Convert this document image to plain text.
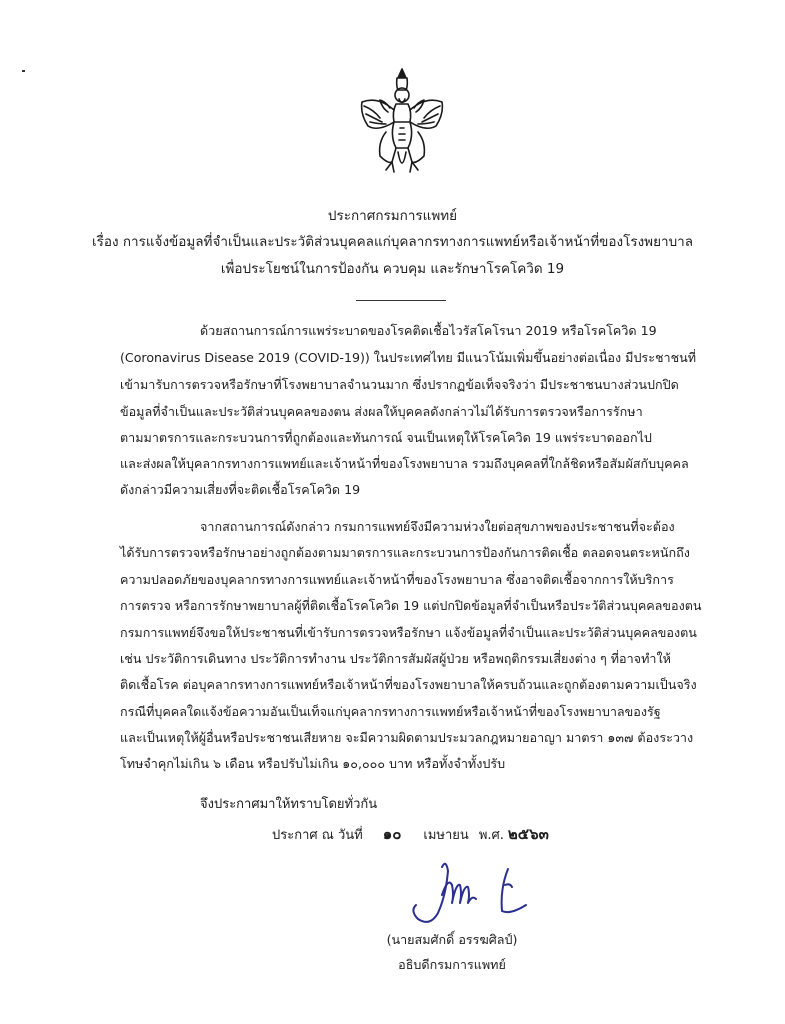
ประกาศกรมการแพทย์
เรื่อง การแจ้งข้อมูลที่จำเป็นและประวัติส่วนบุคคลแก่บุคลากรทางการแพทย์หรือเจ้าหน้าที่ของโรงพยาบาล
เพื่อประโยชน์ในการป้องกัน ควบคุม และรักษาโรคโควิด 19
ด้วยสถานการณ์การแพร่ระบาดของโรคติดเชื้อไวรัสโคโรนา 2019 หรือโรคโควิด 19
(Coronavirus Disease 2019 (COVID-19)) ในประเทศไทย มีแนวโน้มเพิ่มขึ้นอย่างต่อเนื่อง มีประชาชนที่
เข้ามารับการตรวจหรือรักษาที่โรงพยาบาลจำนวนมาก ซึ่งปรากฏข้อเท็จจริงว่า มีประชาชนบางส่วนปกปิด
ข้อมูลที่จำเป็นและประวัติส่วนบุคคลของตน ส่งผลให้บุคคลดังกล่าวไม่ได้รับการตรวจหรือการรักษา
ตามมาตรการและกระบวนการที่ถูกต้องและทันการณ์ จนเป็นเหตุให้โรคโควิด 19 แพร่ระบาดออกไป
และส่งผลให้บุคลากรทางการแพทย์และเจ้าหน้าที่ของโรงพยาบาล รวมถึงบุคคลที่ใกล้ชิดหรือสัมผัสกับบุคคล
ดังกล่าวมีความเสี่ยงที่จะติดเชื้อโรคโควิด 19
จากสถานการณ์ดังกล่าว กรมการแพทย์จึงมีความห่วงใยต่อสุขภาพของประชาชนที่จะต้อง
ได้รับการตรวจหรือรักษาอย่างถูกต้องตามมาตรการและกระบวนการป้องกันการติดเชื้อ ตลอดจนตระหนักถึง
ความปลอดภัยของบุคลากรทางการแพทย์และเจ้าหน้าที่ของโรงพยาบาล ซึ่งอาจติดเชื้อจากการให้บริการ
การตรวจ หรือการรักษาพยาบาลผู้ที่ติดเชื้อโรคโควิด 19 แต่ปกปิดข้อมูลที่จำเป็นหรือประวัติส่วนบุคคลของตน
กรมการแพทย์จึงขอให้ประชาชนที่เข้ารับการตรวจหรือรักษา แจ้งข้อมูลที่จำเป็นและประวัติส่วนบุคคลของตน
เช่น ประวัติการเดินทาง ประวัติการทำงาน ประวัติการสัมผัสผู้ป่วย หรือพฤติกรรมเสี่ยงต่าง ๆ ที่อาจทำให้
ติดเชื้อโรค ต่อบุคลากรทางการแพทย์หรือเจ้าหน้าที่ของโรงพยาบาลให้ครบถ้วนและถูกต้องตามความเป็นจริง
กรณีที่บุคคลใดแจ้งข้อความอันเป็นเท็จแก่บุคลากรทางการแพทย์หรือเจ้าหน้าที่ของโรงพยาบาลของรัฐ
และเป็นเหตุให้ผู้อื่นหรือประชาชนเสียหาย จะมีความผิดตามประมวลกฎหมายอาญา มาตรา ๑๓๗ ต้องระวาง
โทษจำคุกไม่เกิน ๖ เดือน หรือปรับไม่เกิน ๑๐,๐๐๐ บาท หรือทั้งจำทั้งปรับ
จึงประกาศมาให้ทราบโดยทั่วกัน
ประกาศ ณ วันที่ ๑๐ เมษายน พ.ศ. ๒๕๖๓
(นายสมศักดิ์ อรรฆศิลป์)
อธิบดีกรมการแพทย์
